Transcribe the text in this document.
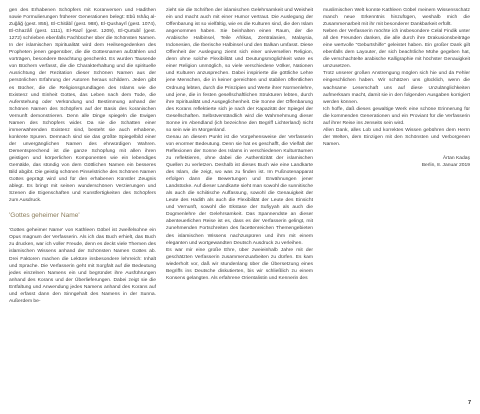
gen des Erhabenen Schöpfers mit Koranversen und Hadithen sowie Formulierungen früherer Generationen belegt: Ebû Ishâq al-Zuğâğ (gest. 855), El-Chitâbî (gest. 988), El-Qushayrî (gest. 1074), El-Ghazâlî (gest. 1111), El-Razî (gest. 1209), El-Qurtubî (gest. 1272) schrieben ebenfalls Fachbücher über die Schönsten Namen. In der islamischen Spiritualität wird dem Heilsengedenken des Propheten jenen gegenüber, die die Gottesnamen aufzählen und vorträgen, besondere Beachtung geschenkt. Es wurden Tausende von Büchern verfasst, die die Charakterhaltung und die spirituelle Ausrichtung der Rezitation dieser Schönen Namen aus der persönlichen Erfahrung der Autoren heraus schildern. Jeden gibt es Bücher, die die Religionsgrundlagen des Islams wie die Existenz und Einheit Gottes, das Leben nach dem Tode, die Auferstehung oder Verkündung und Bestimmung anhand der Schönen Namen des Schöpfers auf der Basis des koranischen Vernunft demonstrieren. Denn alle Dinge spiegeln die Ewigen Namen des Schöpfers wider. Da sie die Schatten einer immerwährenden Existenz sind, besteht sie auch erhabene, konkrete Spuren. Demnach sind sie das größte Spiegelbild einer der unvergänglichen Namen des ehrwürdigen Wahren. Dementsprechend ist die ganze Schöpfung mit allen ihren geistigen und körperlichen Komponenten wie ein lebendiges Gemälde, das stündig von dem Göttlichen Namen ein besseres Bild abgibt. Die geistig schönen Pinselstriche des Schönen Namen Gottes geprägt wird und für den erhabenen Künstler Zeugnis ablegt. Es bringt mit seinen wunderschönen Verzierungen und Szenen die Eigenschaften und Kunstfertigkeiten des Schöpfers zum Ausdruck.

'Gottes geheimer Name'

'Gottes geheimer Name' von Kathleen Göbel ist zweifelsohne ein Opus magnum der Verfasserin. Als ich das Buch erhielt, das Buch zu drucken, war ich voller Freude, denn es deckt viele Themen des islamischen Wissens anhand der Schönsten Namen Gottes ab. Drei Faktoren machen die Lektüre insbesondere lehrreich: Inhalt und Sprache. Die Verfasserin geht mit Sorgfalt auf die Bedeutung jedes einzelnen Namens ein und begründet ihre Ausführungen anhand des Korans und der Überlieferungen. Dabei zeigt sie die Entfaltung und Anwendung jedes Namens anhand des Korans auf und erfasst dann den Sinngehalt des Namens in der Sunna. Außerdem be-

zieht sie die Schriften der islamischen Gelehrsamkeit und Weisheit ein und macht auch mit einer Humor vertraut. Die Auslegung der Offenbarung ist so vielfältig, wie es die Kulturen sind, die den Islam angenommen haben. Sie beinhalten einen Raum, der die Arabische Halbinsel, Teile Afrikas, Zentralasien, Malaysia, Indonesien, die Iberische Halbinsel und den Balkan umfasst. Diese Offenheit der Auslegung ziemt sich einer universellen Religion, denn ohne solche Flexibilität und Deutungsmöglichkeit wäre es einer Religion unmöglich, so viele verschiedene Völker, Nationen und Kulturen anzusprechen. Dabei inspirierte die göttliche Lehre jene Menschen, die in keiner gereichten und stabilen öffentlichen Ordnung lebten, durch die Prinzipien und Werte ihrer Normenlehre, und jene, die in festen gesellschaftlichen Strukturen lebten, durch ihre Spiritualität und Ausgeglichenheit. Die Sonne der Offenbarung des Korans reflektierte sich je nach der Kapazität der Spiegel der Gesellschaften. Selbstverständlich wird die Wahrnehmung dieser Sonne im Abendland (ich bezeichne den Begriff Lichterland) nicht so sein wie im Morgenland.

Genau an diesem Punkt ist die Vorgehensweise der Verfasserin von enormer Bedeutung. Denn sie hat es geschafft, die Vielfalt der Reflexionen der Sonne des Islams in verschiedenen Kulturräumen zu reflektieren, ohne dabei die Authentizität der islamischen Quellen zu verletzen. Deshalb ist dieses Buch wie eine Landkarte des Islam, die zeigt, wo was zu finden ist. Im Fußnotenapparat erfolgen dann die Bewertungen und Erwähnungen jener Landstücke. Auf dieser Landkarte sieht man sowohl die sunnitische als auch die schiitische Auffassung, sowohl die Genauigkeit der Leute des Hadith als auch die Flexibilität der Leute des Einsicht und Vernunft, sowohl die Ekstase der Sufiyyah als auch die Dogmenlehre der Gelehrsamkeit. Das Spannendste an dieser abenteuerlichen Reise ist es, dass es der Verfasserin gelingt, mit zunehmenden Fortschreiten des facettenreichen Themengebieten des islamischen Wissens nachzuspüren und ihm mit einem eleganten und wortgewandten Deutsch Ausdruck zu verleihen.

Es war mir eine große Ehre, über zweieinhalb Jahre mit der geschätzten Verfasserin zusammenzuarbeiten zu dürfen. Es kam wiederholt vor, daß wir stundenlang über die Übersetzung eines Begriffs ins Deutsche diskutierten, bis wir schließlich zu einem Konsens gelangten. Als erfahrene Orientalistin und Kennerin des

muslimischen Welt konnte Kathleen Göbel meinem Wissensschatz manch neue Erkenntnis hinzufügen, weshalb mich die Zusammenarbeit mit ihr mit besonderer Dankbarkeit erfüllt.

Neben der Verfasserin möchte ich insbesondere Celal Findik unter all den Freunden danken, die alle durch ihre Drakusionsbeiträge eine wertvolle "Geburtshilfe" geleistet haben. Ein großer Dank gilt ebenfalls dem Layouter, der sich beachtliche Mühe gegeben hat, die verschachtelte arabische Kalligraphie mit höchster Genauigkeit umzusetzen.

Trotz unserer großen Anstrengung möglen sich hie und da Fehler eingeschlichen haben. Wir schätzen uns glücklich, wenn die wachsame Leserschaft uns auf diese Unzulänglichkeiten aufmerksam macht, damit sie in den folgenden Ausgaben korrigiert werden können.

Ich hoffe, daß dieses gewaltige Werk eine schöne Erinnerung für die kommenden Generationen und ein Proviant für die Verfasserin auf ihrer Reise ins Jenseits sein wird.

Allen Dank, alles Lob und korrektes Wissen gebühren dem Herrn der Welten, dem Einzigen mit den Schönsten und Verborgenen Namen.

Ârtan Kadaş

Berlin, 8. Januar 2019

7
